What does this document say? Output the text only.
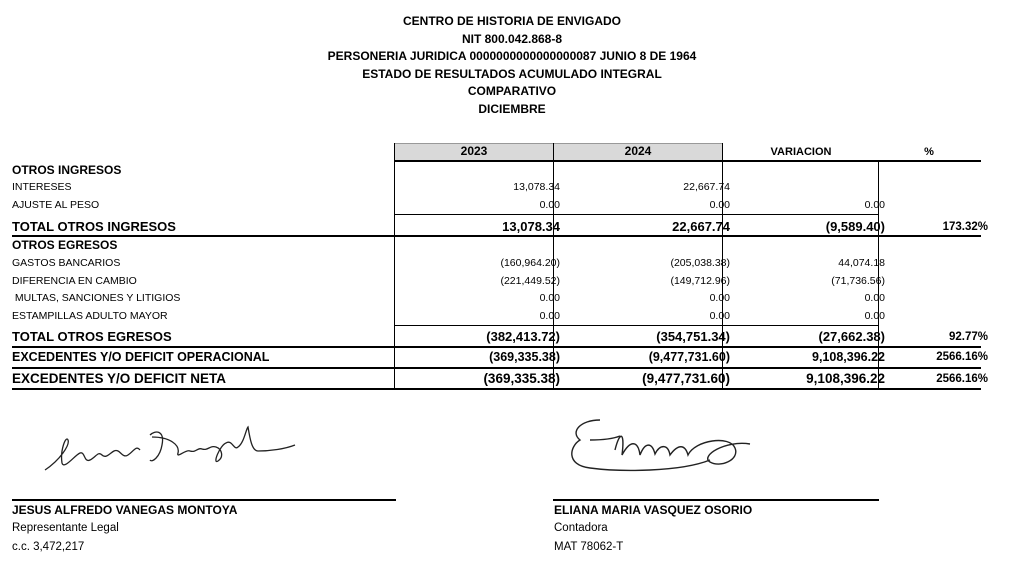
CENTRO DE HISTORIA DE ENVIGADO
NIT 800.042.868-8
PERSONERIA JURIDICA 0000000000000000087 JUNIO 8 DE 1964
ESTADO DE RESULTADOS ACUMULADO INTEGRAL
COMPARATIVO
DICIEMBRE
2023	2024	VARIACION	%
OTROS INGRESOS
INTERESES	13,078.34	22,667.74
AJUSTE AL PESO	0.00	0.00	0.00
TOTAL OTROS INGRESOS	13,078.34	22,667.74	(9,589.40)	173.32%
OTROS EGRESOS
GASTOS BANCARIOS	(160,964.20)	(205,038.38)	44,074.18
DIFERENCIA EN CAMBIO	(221,449.52)	(149,712.96)	(71,736.56)
MULTAS, SANCIONES Y LITIGIOS	0.00	0.00	0.00
ESTAMPILLAS ADULTO MAYOR	0.00	0.00	0.00
TOTAL OTROS EGRESOS	(382,413.72)	(354,751.34)	(27,662.38)	92.77%
EXCEDENTES Y/O DEFICIT OPERACIONAL	(369,335.38)	(9,477,731.60)	9,108,396.22	2566.16%
EXCEDENTES Y/O DEFICIT NETA	(369,335.38)	(9,477,731.60)	9,108,396.22	2566.16%
JESUS ALFREDO VANEGAS MONTOYA
Representante Legal
c.c. 3,472,217
ELIANA MARIA VASQUEZ OSORIO
Contadora
MAT 78062-T
